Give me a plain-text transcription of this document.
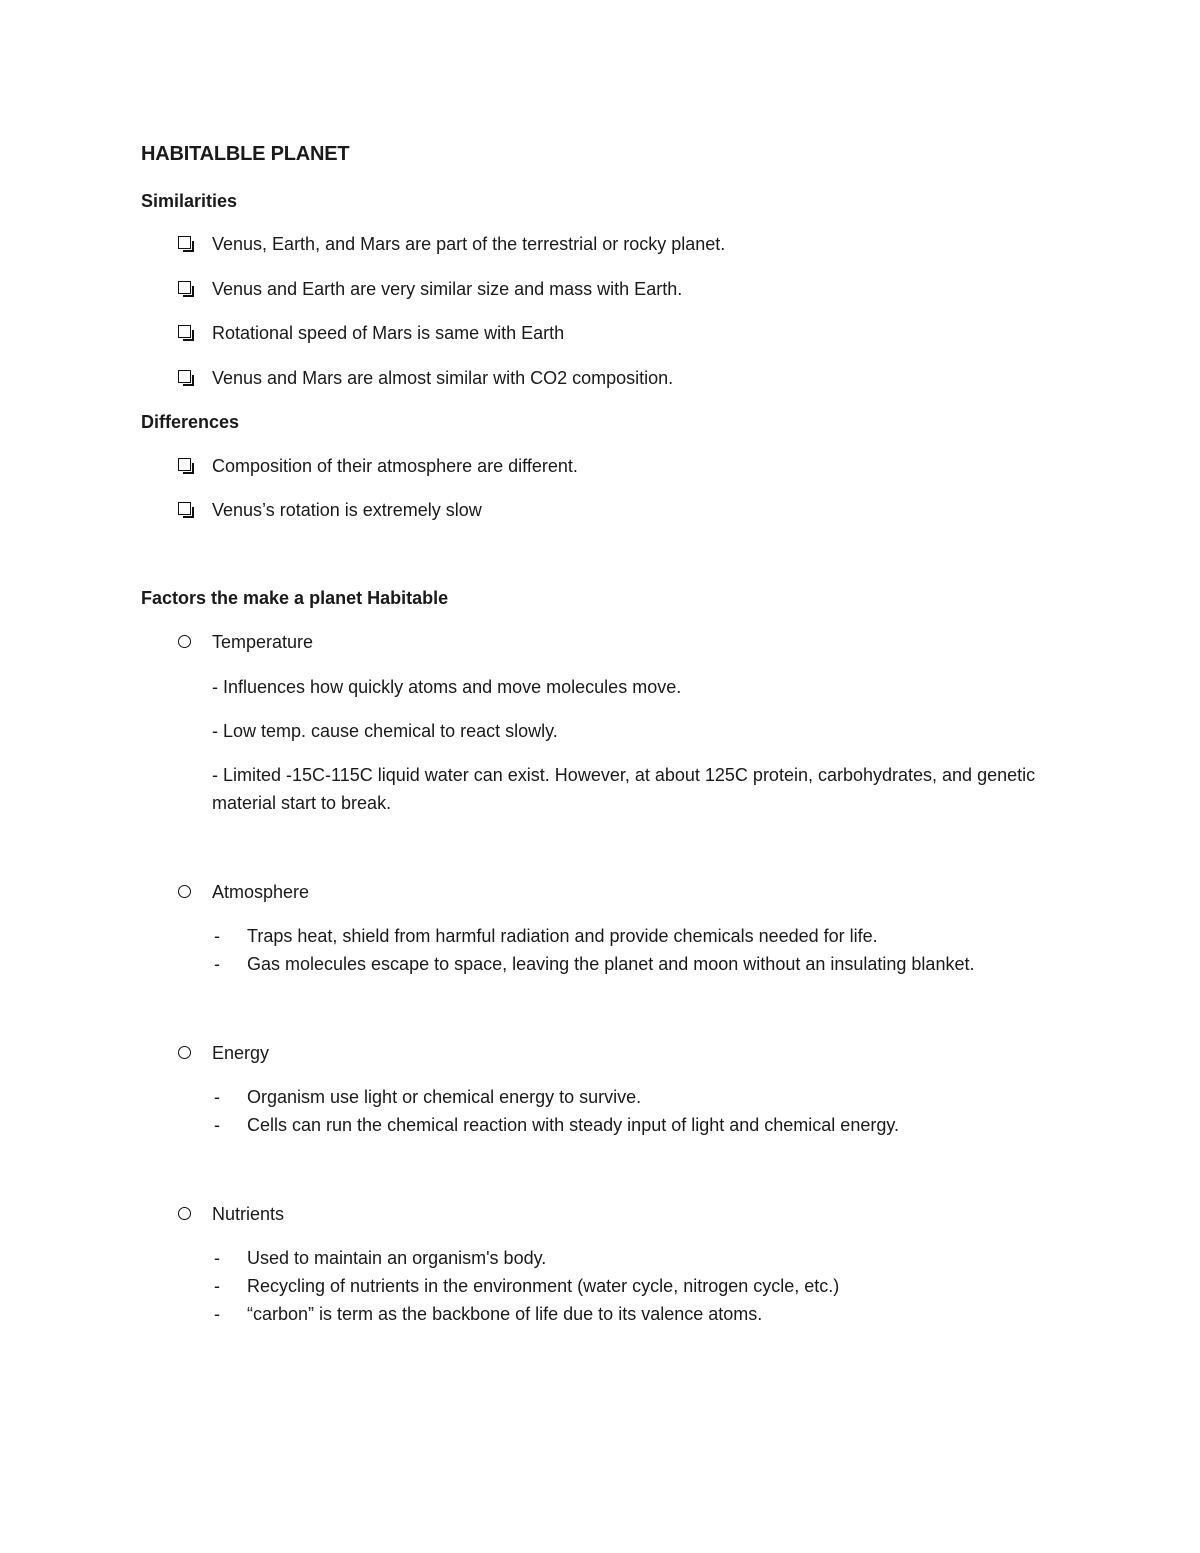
HABITALBLE PLANET
Similarities
Venus, Earth, and Mars are part of the terrestrial or rocky planet.
Venus and Earth are very similar size and mass with Earth.
Rotational speed of Mars is same with Earth
Venus and Mars are almost similar with CO2 composition.
Differences
Composition of their atmosphere are different.
Venus’s rotation is extremely slow
Factors the make a planet Habitable
Temperature
- Influences how quickly atoms and move molecules move.
- Low temp. cause chemical to react slowly.
- Limited -15C-115C liquid water can exist. However, at about 125C protein, carbohydrates, and genetic material start to break.
Atmosphere
- Traps heat, shield from harmful radiation and provide chemicals needed for life.
- Gas molecules escape to space, leaving the planet and moon without an insulating blanket.
Energy
- Organism use light or chemical energy to survive.
- Cells can run the chemical reaction with steady input of light and chemical energy.
Nutrients
- Used to maintain an organism's body.
- Recycling of nutrients in the environment (water cycle, nitrogen cycle, etc.)
- “carbon” is term as the backbone of life due to its valence atoms.
